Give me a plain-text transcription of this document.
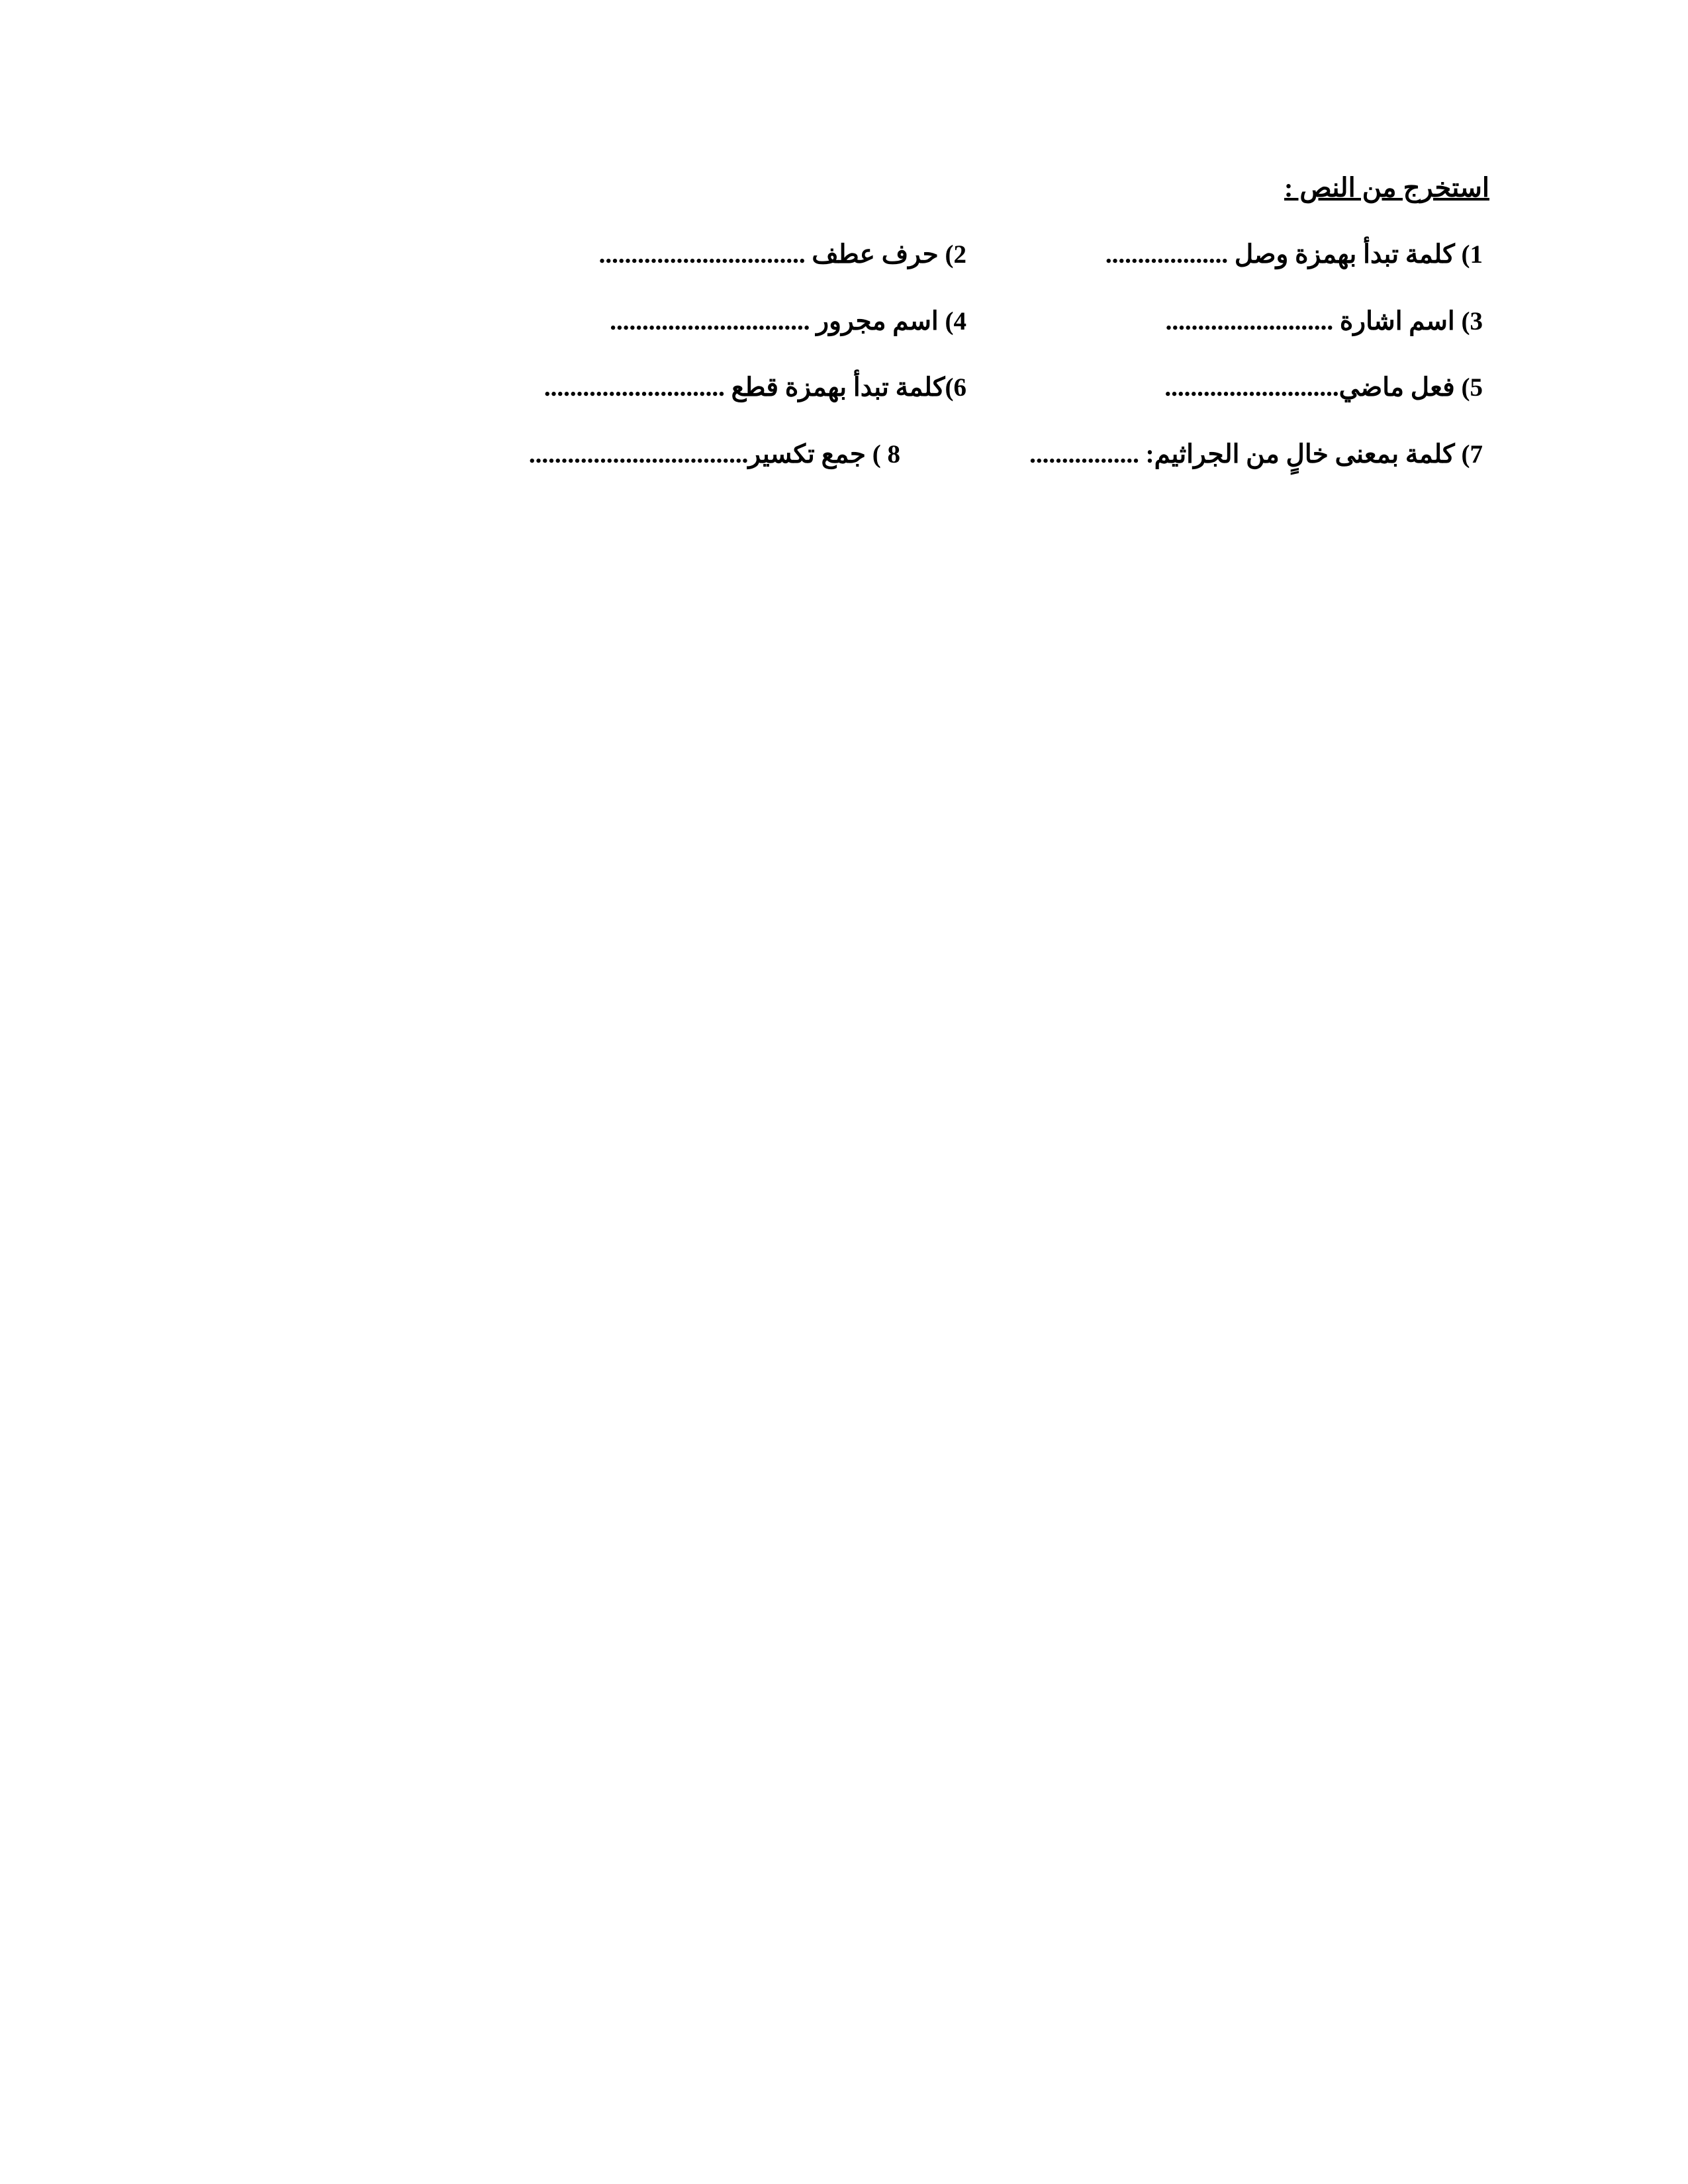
استخرج من النص :
1) كلمة تبدأ بهمزة وصل ...................
2) حرف عطف ................................
3) اسم اشارة ..........................
4) اسم مجرور ...............................
5) فعل ماضي...........................
6)كلمة تبدأ بهمزة قطع ............................
7) كلمة بمعنى خالٍ من الجراثيم: .................
8 ) جمع تكسير..................................
